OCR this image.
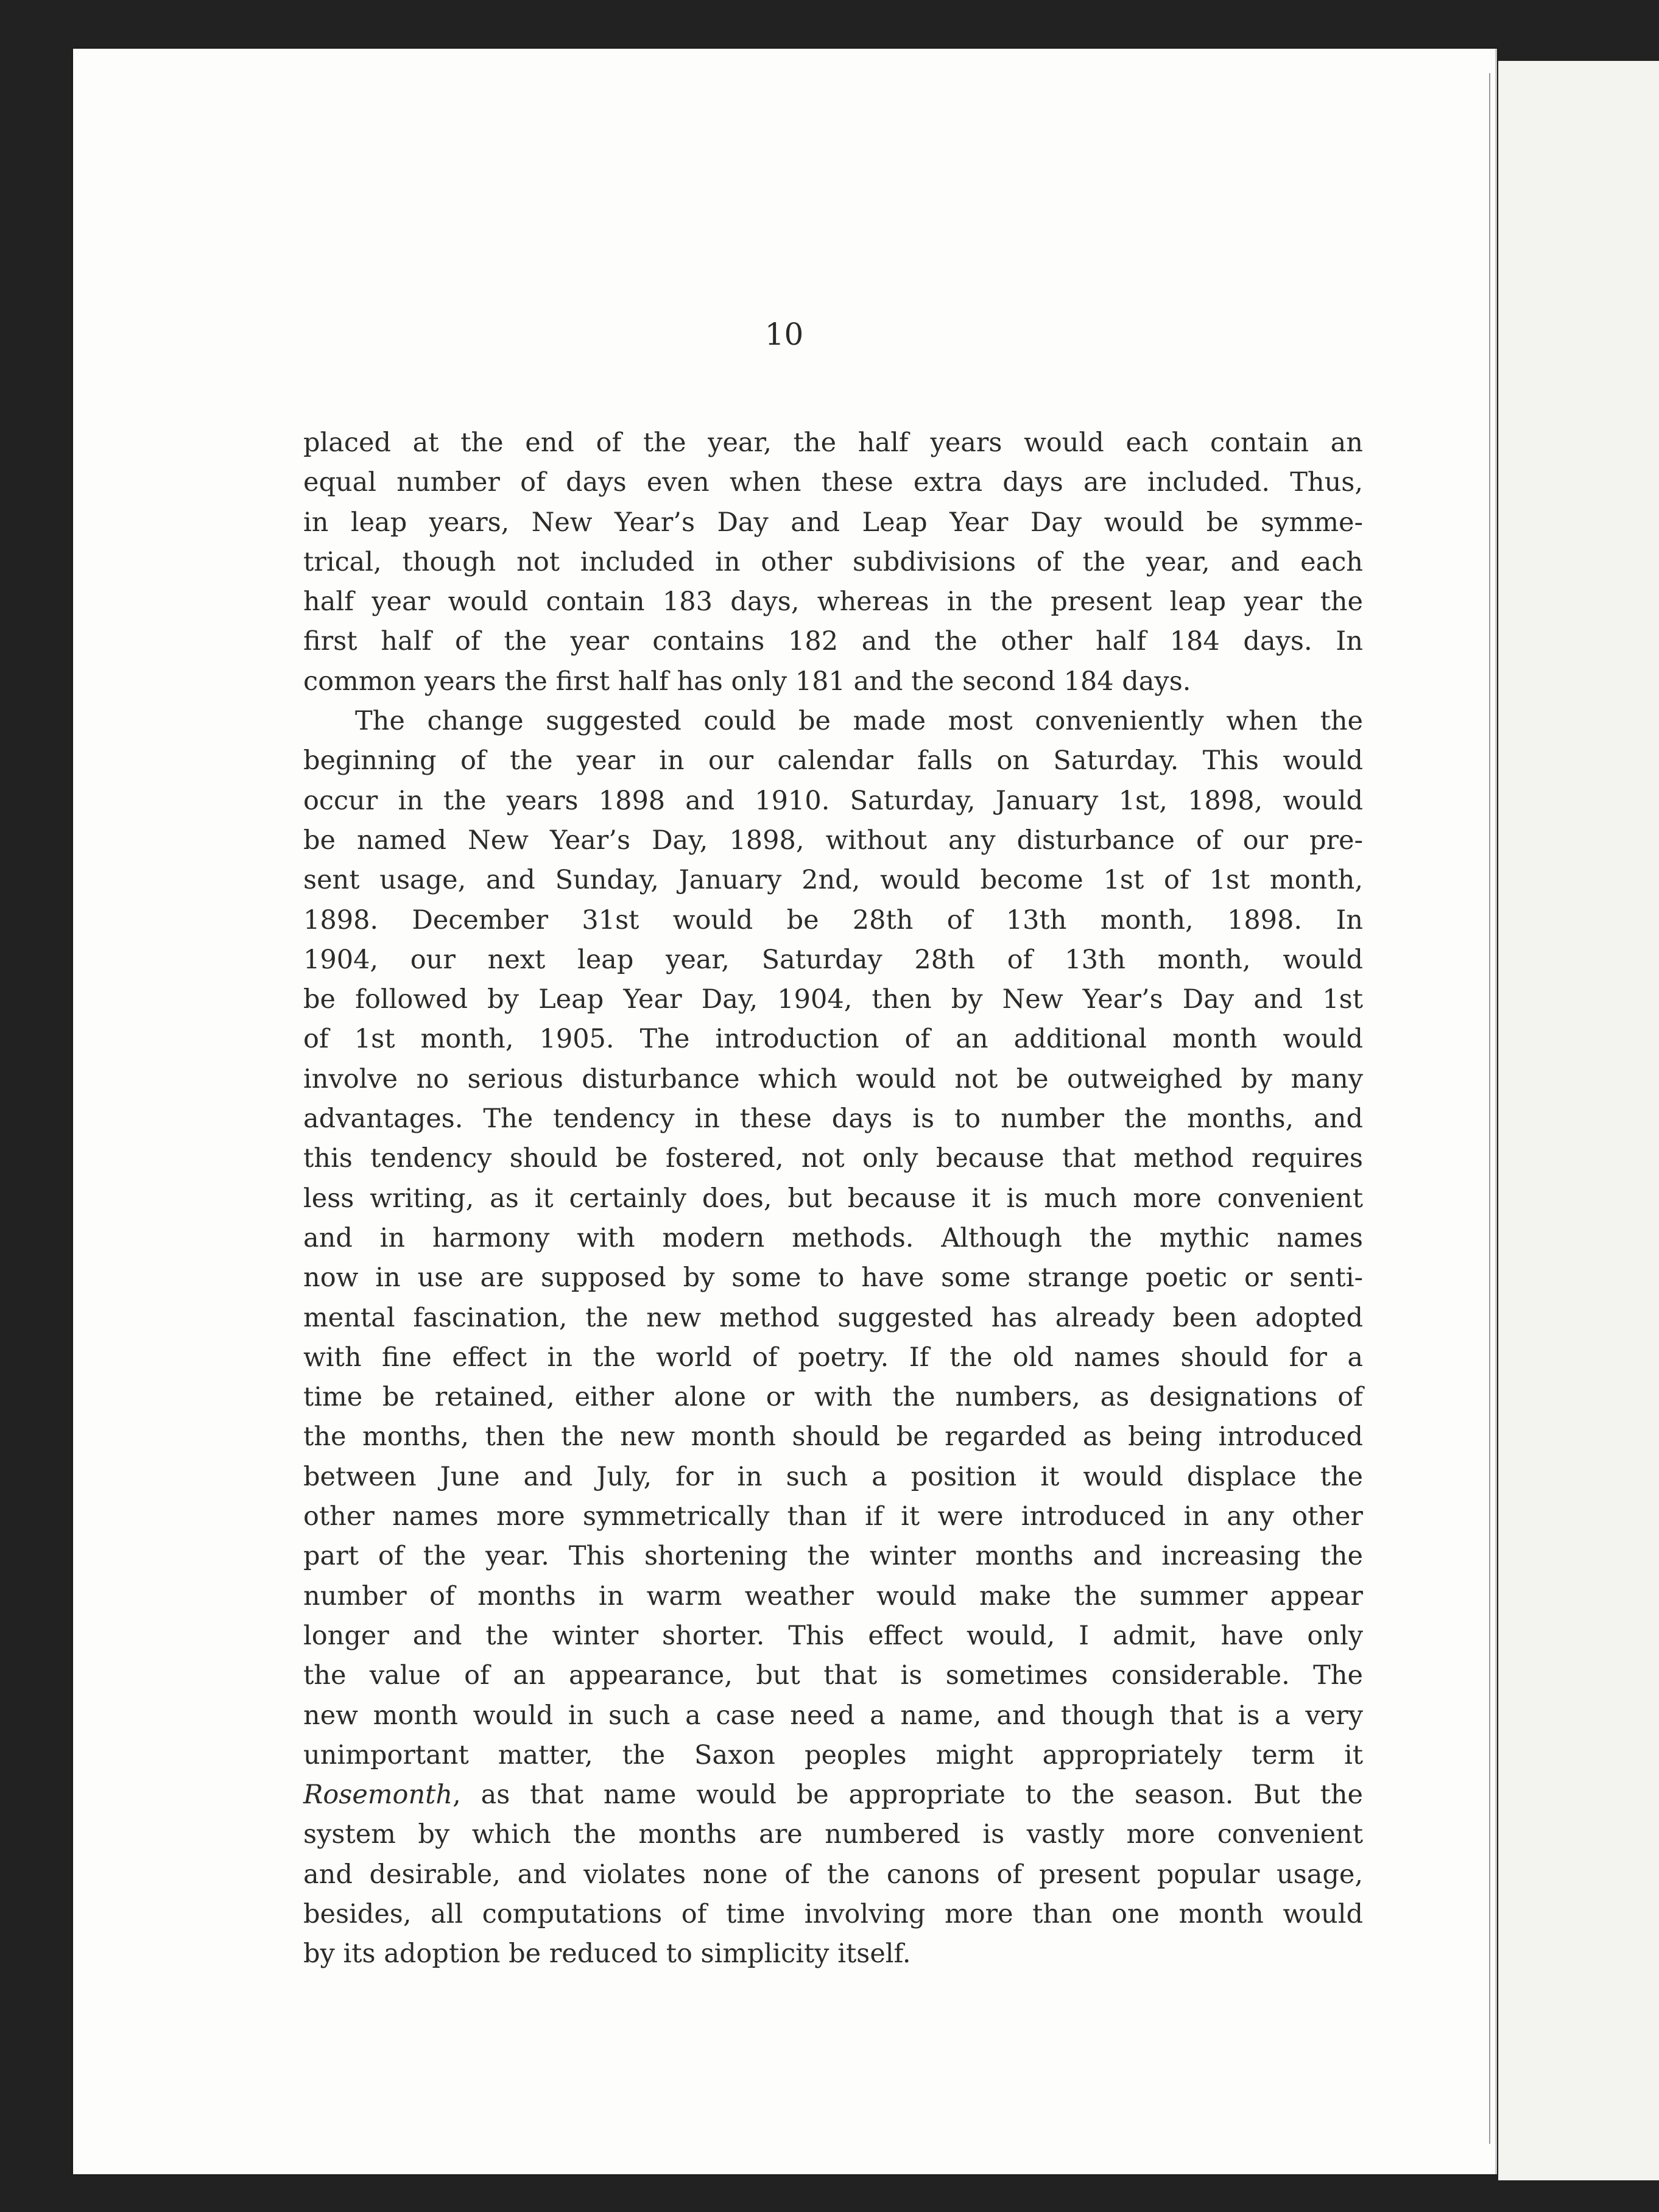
10
placed at the end of the year, the half years would each contain an
equal number of days even when these extra days are included. Thus,
in leap years, New Year’s Day and Leap Year Day would be symme-
trical, though not included in other subdivisions of the year, and each
half year would contain 183 days, whereas in the present leap year the
first half of the year contains 182 and the other half 184 days. In
common years the first half has only 181 and the second 184 days.
The change suggested could be made most conveniently when the
beginning of the year in our calendar falls on Saturday. This would
occur in the years 1898 and 1910. Saturday, January 1st, 1898, would
be named New Year’s Day, 1898, without any disturbance of our pre-
sent usage, and Sunday, January 2nd, would become 1st of 1st month,
1898. December 31st would be 28th of 13th month, 1898. In
1904, our next leap year, Saturday 28th of 13th month, would
be followed by Leap Year Day, 1904, then by New Year’s Day and 1st
of 1st month, 1905. The introduction of an additional month would
involve no serious disturbance which would not be outweighed by many
advantages. The tendency in these days is to number the months, and
this tendency should be fostered, not only because that method requires
less writing, as it certainly does, but because it is much more convenient
and in harmony with modern methods. Although the mythic names
now in use are supposed by some to have some strange poetic or senti-
mental fascination, the new method suggested has already been adopted
with fine effect in the world of poetry. If the old names should for a
time be retained, either alone or with the numbers, as designations of
the months, then the new month should be regarded as being introduced
between June and July, for in such a position it would displace the
other names more symmetrically than if it were introduced in any other
part of the year. This shortening the winter months and increasing the
number of months in warm weather would make the summer appear
longer and the winter shorter. This effect would, I admit, have only
the value of an appearance, but that is sometimes considerable. The
new month would in such a case need a name, and though that is a very
unimportant matter, the Saxon peoples might appropriately term it
Rosemonth, as that name would be appropriate to the season. But the
system by which the months are numbered is vastly more convenient
and desirable, and violates none of the canons of present popular usage,
besides, all computations of time involving more than one month would
by its adoption be reduced to simplicity itself.
